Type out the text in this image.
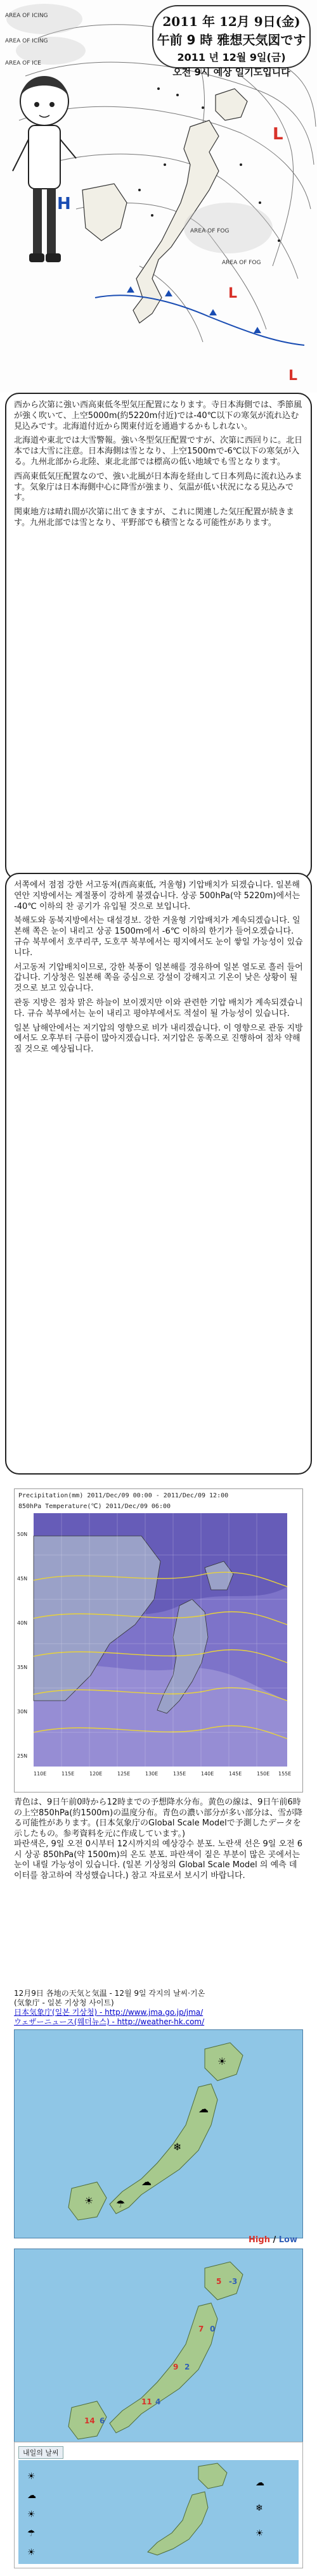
H
L
L
L
AREA OF ICING
AREA OF ICING
AREA OF ICE
AREA OF FOG
AREA OF FOG
2011 年 12月 9日(金)
午前 9 時 雅想天気図です
2011 년 12월 9일(금)
오전 9시 예상 일기도입니다

西から次第に強い西高東低冬型気圧配置になります。寺日本海側では、季節風が強く吹いて、上空5000m(約5220m付近)では-40℃以下の寒気が流れ込む見込みです。北海道付近から関東付近を通過するかもしれない。

北海道や東北では大雪警報。強い冬型気圧配置ですが、次第に西回りに。北日本では大雪に注意。日本海側は雪となり、上空1500mで-6℃以下の寒気が入る。九州北部から北陸、東北北部では標高の低い地域でも雪となります。

西高東低気圧配置なので、強い北風が日本海を経由して日本列島に流れ込みます。気象庁は日本海側中心に降雪が強まり、気温が低い状況になる見込みです。

関東地方は晴れ間が次第に出てきますが、これに関連した気圧配置が続きます。九州北部では雪となり、平野部でも積雪となる可能性があります。

서쪽에서 점점 강한 서고동저(西高東低, 겨울형) 기압배치가 되겠습니다. 일본해 연안 지방에서는 계절풍이 강하게 불겠습니다. 상공 500hPa(약 5220m)에서는 -40℃ 이하의 찬 공기가 유입될 것으로 보입니다.

북해도와 동북지방에서는 대설경보. 강한 겨울형 기압배치가 계속되겠습니다. 일본해 쪽은 눈이 내리고 상공 1500m에서 -6℃ 이하의 한기가 들어오겠습니다. 규슈 북부에서 호쿠리쿠, 도호쿠 북부에서는 평지에서도 눈이 쌓일 가능성이 있습니다.

서고동저 기압배치이므로, 강한 북풍이 일본해를 경유하여 일본 열도로 흘러 들어갑니다. 기상청은 일본해 쪽을 중심으로 강설이 강해지고 기온이 낮은 상황이 될 것으로 보고 있습니다.

관동 지방은 점차 맑은 하늘이 보이겠지만 이와 관련한 기압 배치가 계속되겠습니다. 규슈 북부에서는 눈이 내리고 평야부에서도 적설이 될 가능성이 있습니다.

일본 남해안에서는 저기압의 영향으로 비가 내리겠습니다. 이 영향으로 관동 지방에서도 오후부터 구름이 많아지겠습니다. 저기압은 동쪽으로 진행하여 점차 약해질 것으로 예상됩니다.

Precipitation(mm) 2011/Dec/09 00:00 - 2011/Dec/09 12:00
850hPa Temperature(℃) 2011/Dec/09 06:00
110E	115E	120E	125E	130E	135E	140E	145E	150E 155E
50N
45N
40N
35N
30N
25N

青色は、9日午前0時から12時までの予想降水分布。黄色の線は、9日午前6時の上空850hPa(約1500m)の温度分布。青色の濃い部分が多い部分は、雪が降る可能性があります。(日本気象庁のGlobal Scale Modelで予測したデータを示したもの。参考資料を元に作成しています。)

파란색은, 9일 오전 0시부터 12시까지의 예상강수 분포. 노란색 선은 9일 오전 6시 상공 850hPa(약 1500m)의 온도 분포. 파란색이 짙은 부분이 많은 곳에서는 눈이 내릴 가능성이 있습니다. (일본 기상청의 Global Scale Model 의 예측 데이터를 참고하여 작성했습니다.) 참고 자료로서 보시기 바랍니다.

12月9日 各地の天気と気温 - 12월 9일 각지의 날씨·기온
(気象庁 - 일본 기상청 사이트)
日本気象庁(일본 기상청) - http://www.jma.go.jp/jma/
ウェザーニュース(웨더뉴스) - http://weather-hk.com/
☀
☁
❄
☁
☀ ☂
5 -3
7 0
9 2
11 4
14 6
High / Low
내일의 날씨
☀
☁
☀
☂
☀
☁
❄
☀
